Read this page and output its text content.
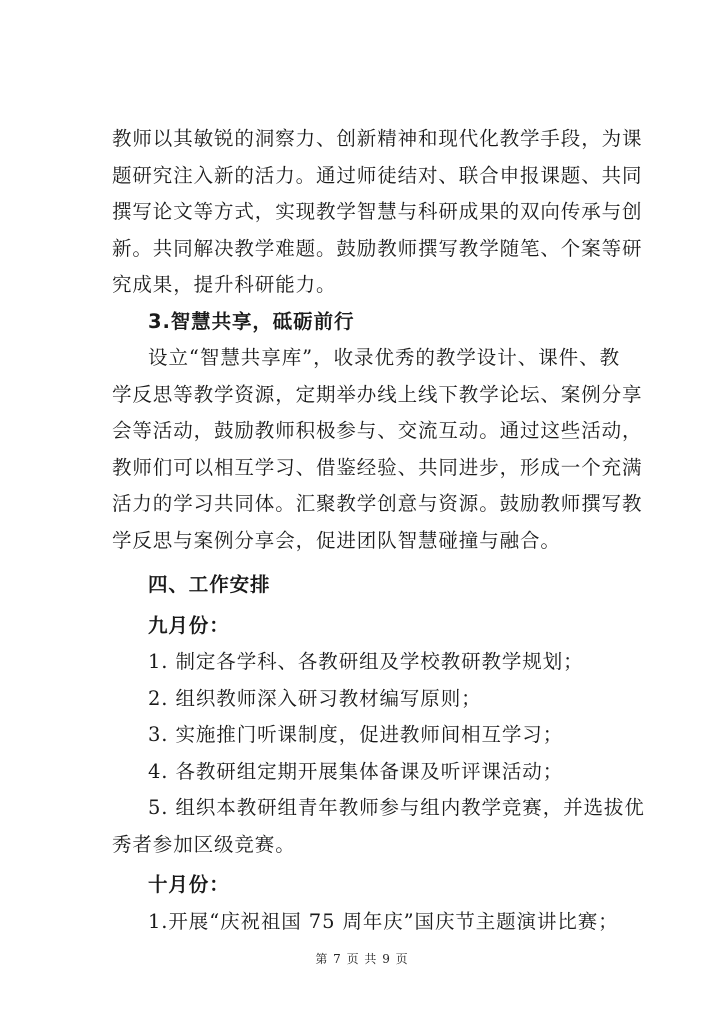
教师以其敏锐的洞察力、创新精神和现代化教学手段，为课
题研究注入新的活力。通过师徒结对、联合申报课题、共同
撰写论文等方式，实现教学智慧与科研成果的双向传承与创
新。共同解决教学难题。鼓励教师撰写教学随笔、个案等研
究成果，提升科研能力。
3.智慧共享，砥砺前行
设立“智慧共享库”，收录优秀的教学设计、课件、教
学反思等教学资源，定期举办线上线下教学论坛、案例分享
会等活动，鼓励教师积极参与、交流互动。通过这些活动，
教师们可以相互学习、借鉴经验、共同进步，形成一个充满
活力的学习共同体。汇聚教学创意与资源。鼓励教师撰写教
学反思与案例分享会，促进团队智慧碰撞与融合。
四、工作安排
九月份：
1. 制定各学科、各教研组及学校教研教学规划；
2. 组织教师深入研习教材编写原则；
3. 实施推门听课制度，促进教师间相互学习；
4. 各教研组定期开展集体备课及听评课活动；
5. 组织本教研组青年教师参与组内教学竞赛，并选拔优
秀者参加区级竞赛。
十月份：
1.开展“庆祝祖国 75 周年庆”国庆节主题演讲比赛；
第 7 页 共 9 页
